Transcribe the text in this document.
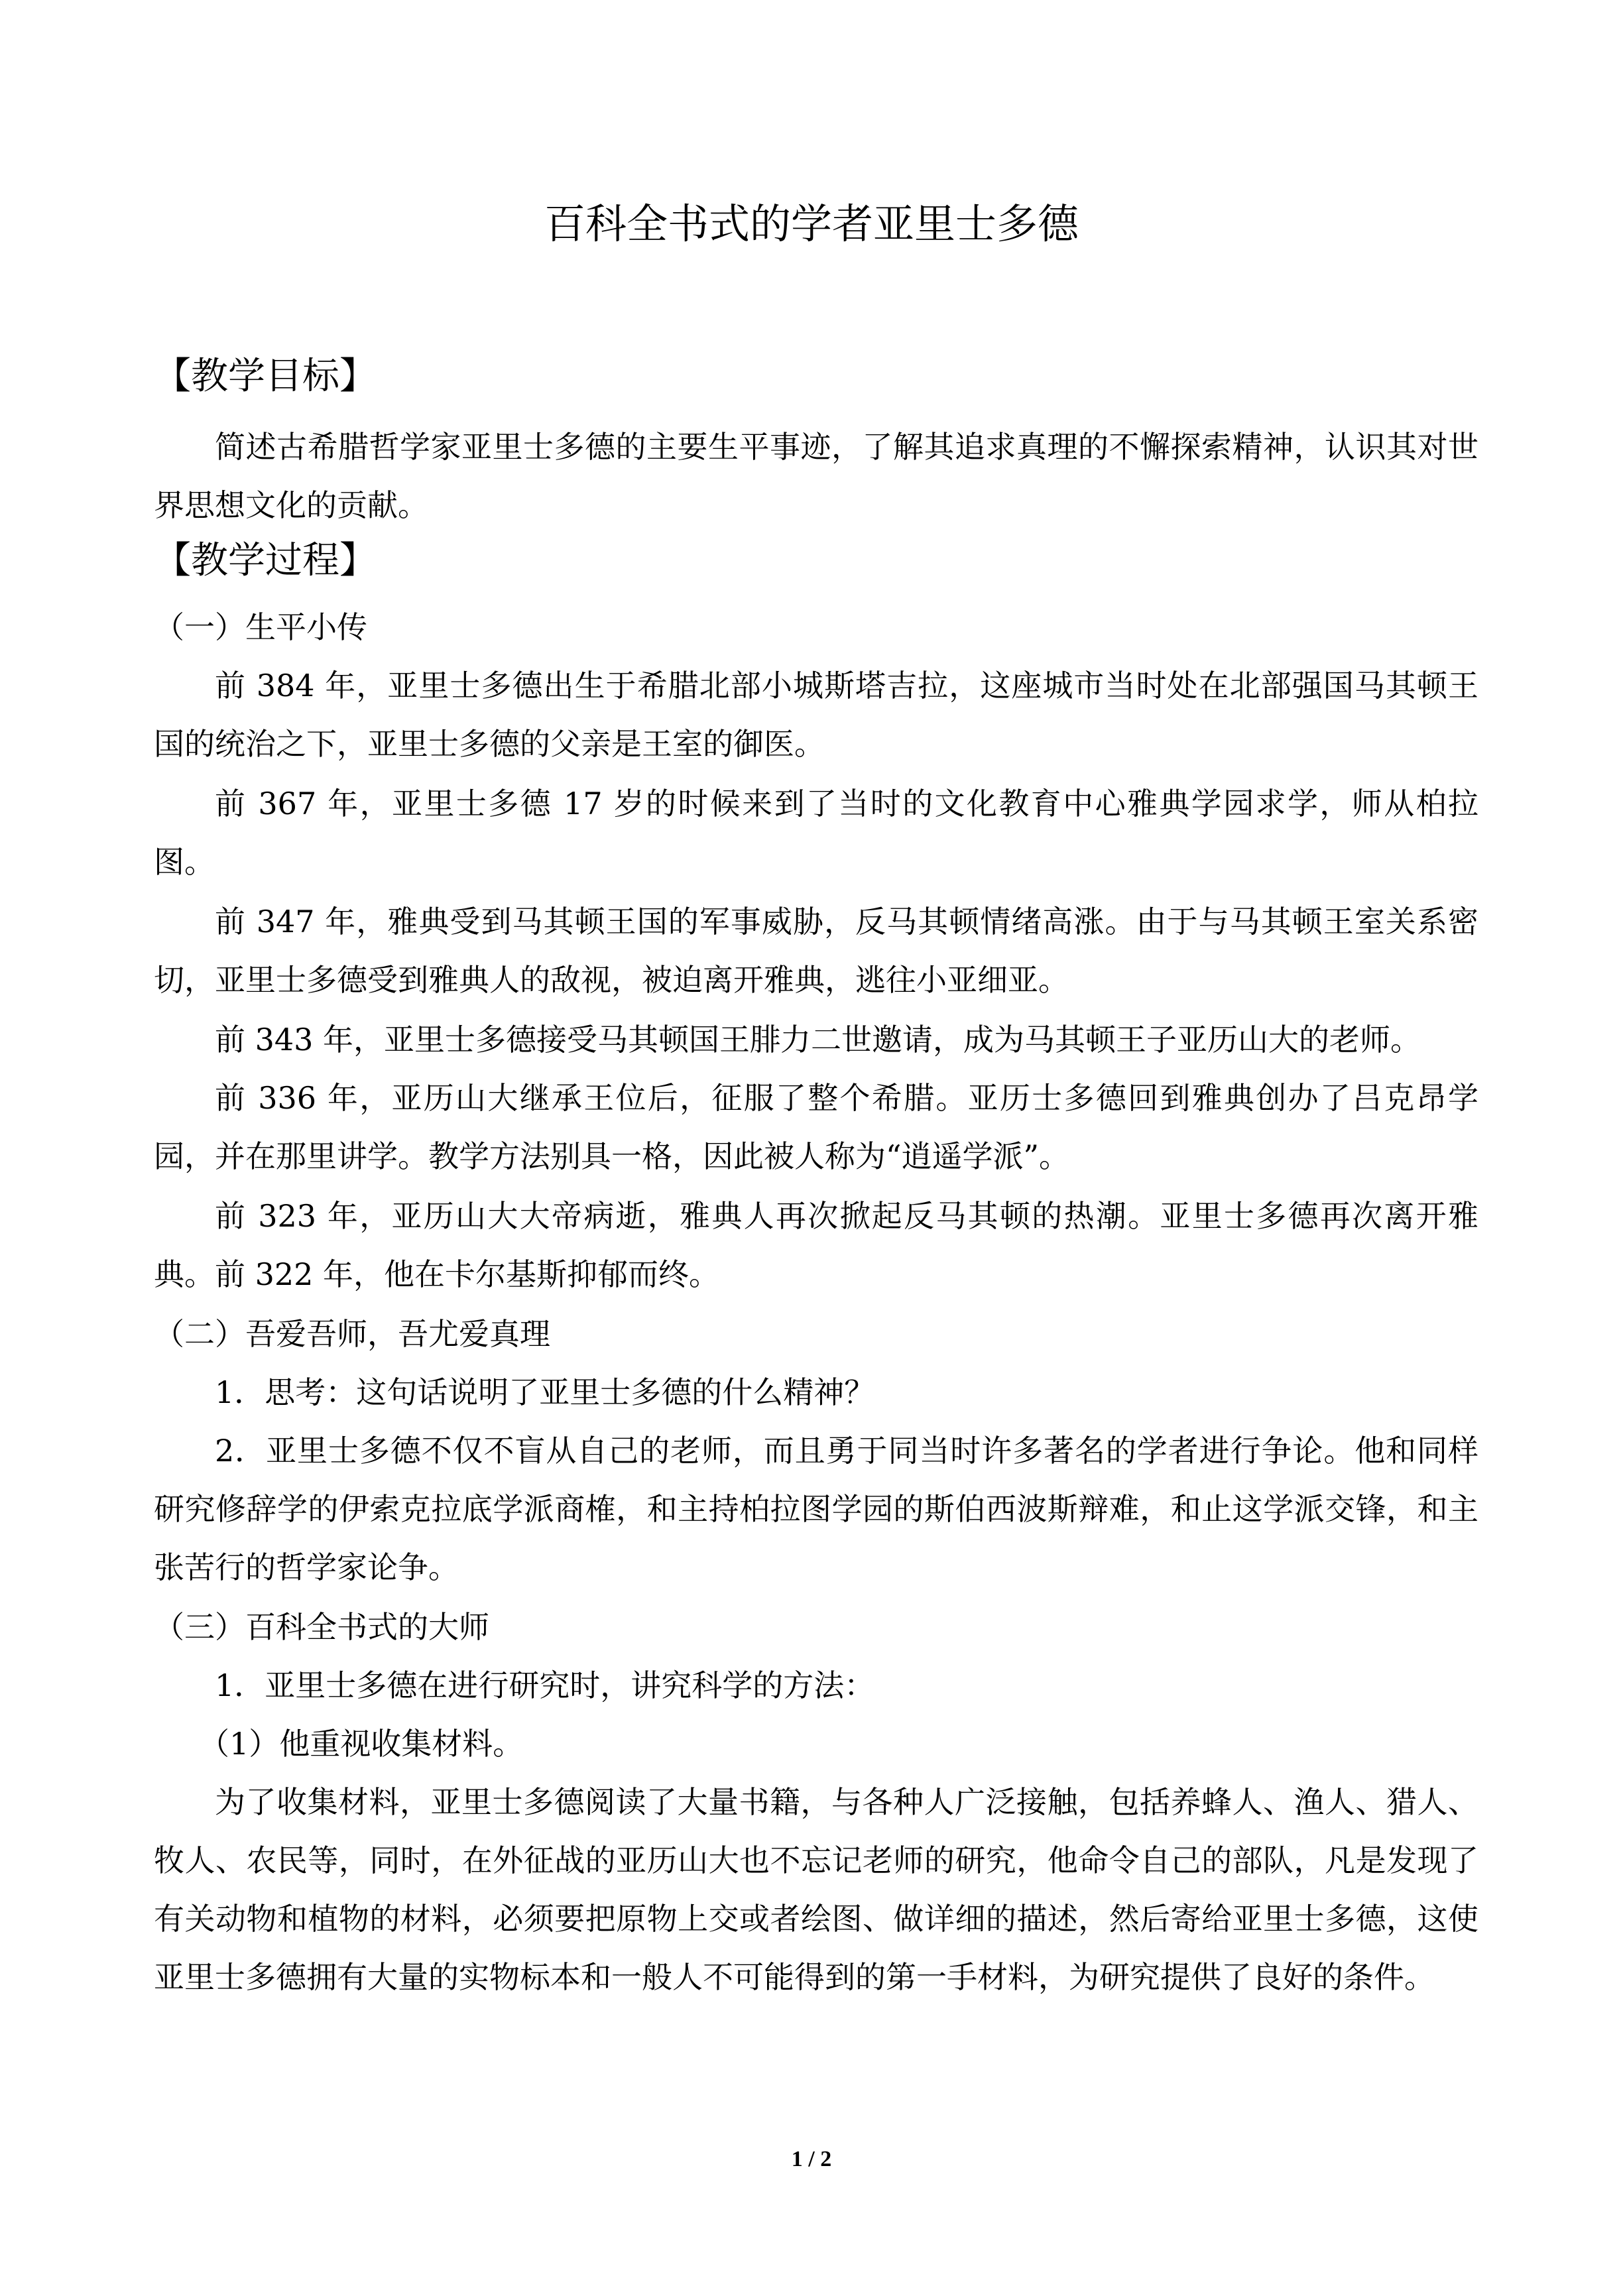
百科全书式的学者亚里士多德
【教学目标】
简述古希腊哲学家亚里士多德的主要生平事迹，了解其追求真理的不懈探索精神，认识其对世界思想文化的贡献。
【教学过程】
（一）生平小传
前 384 年，亚里士多德出生于希腊北部小城斯塔吉拉，这座城市当时处在北部强国马其顿王国的统治之下，亚里士多德的父亲是王室的御医。
前 367 年，亚里士多德 17 岁的时候来到了当时的文化教育中心雅典学园求学，师从柏拉图。
前 347 年，雅典受到马其顿王国的军事威胁，反马其顿情绪高涨。由于与马其顿王室关系密切，亚里士多德受到雅典人的敌视，被迫离开雅典，逃往小亚细亚。
前 343 年，亚里士多德接受马其顿国王腓力二世邀请，成为马其顿王子亚历山大的老师。
前 336 年，亚历山大继承王位后，征服了整个希腊。亚历士多德回到雅典创办了吕克昂学园，并在那里讲学。教学方法别具一格，因此被人称为“逍遥学派”。
前 323 年，亚历山大大帝病逝，雅典人再次掀起反马其顿的热潮。亚里士多德再次离开雅典。前 322 年，他在卡尔基斯抑郁而终。
（二）吾爱吾师，吾尤爱真理
1．思考：这句话说明了亚里士多德的什么精神？
2．亚里士多德不仅不盲从自己的老师，而且勇于同当时许多著名的学者进行争论。他和同样研究修辞学的伊索克拉底学派商榷，和主持柏拉图学园的斯伯西波斯辩难，和止这学派交锋，和主张苦行的哲学家论争。
（三）百科全书式的大师
1．亚里士多德在进行研究时，讲究科学的方法：
（1）他重视收集材料。
为了收集材料，亚里士多德阅读了大量书籍，与各种人广泛接触，包括养蜂人、渔人、猎人、牧人、农民等，同时，在外征战的亚历山大也不忘记老师的研究，他命令自己的部队，凡是发现了有关动物和植物的材料，必须要把原物上交或者绘图、做详细的描述，然后寄给亚里士多德，这使亚里士多德拥有大量的实物标本和一般人不可能得到的第一手材料，为研究提供了良好的条件。
1 / 2
